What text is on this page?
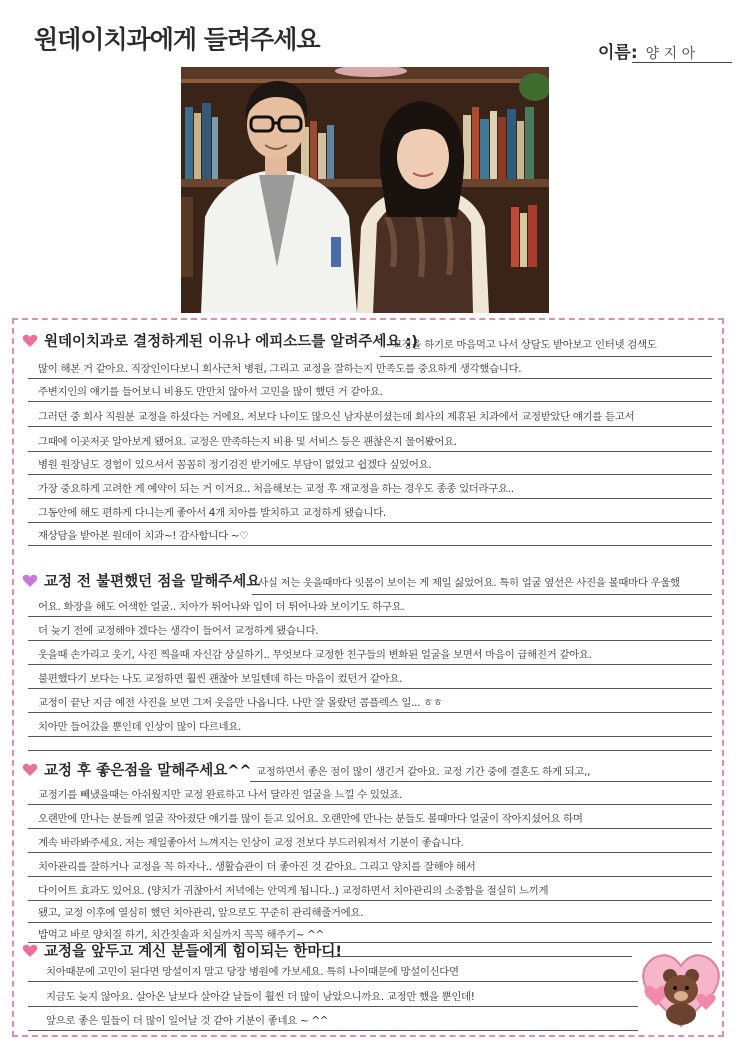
원데이치과에게 들려주세요	이름: 양 지 아
원데이치과로 결정하게된 이유나 에피소드를 알려주세요 :)
교정을 하기로 마음먹고 나서 상담도 받아보고 인터넷 검색도
많이 해본 거 같아요. 직장인이다보니 회사근처 병원, 그리고 교정을 잘하는지 만족도를 중요하게 생각했습니다.
주변지인의 얘기를 들어보니 비용도 만만치 않아서 고민을 많이 했던 거 같아요.
그러던 중 회사 직원분 교정을 하셨다는 거에요. 저보다 나이도 많으신 남자분이셨는데 회사의 제휴된 치과에서 교정받았단 얘기를 듣고서
그때에 이곳저곳 알아보게 됐어요. 교정은 만족하는지 비용 및 서비스 등은 괜찮은지 물어봤어요.
병원 원장님도 경험이 있으셔서 꼼꼼히 정기검진 받기에도 부담이 없었고 쉽겠다 싶었어요.
가장 중요하게 고려한 게 예약이 되는 거 이거요.. 처음해보는 교정 후 재교정을 하는 경우도 종종 있더라구요..
그동안에 해도 편하게 다니는게 좋아서 4개 치아를 발치하고 교정하게 됐습니다.
재상담을 받아본 원데이 치과~! 감사합니다 ~♡
교정 전 불편했던 점을 말해주세요
사실 저는 웃을때마다 잇몸이 보이는 게 제일 싫었어요. 특히 얼굴 옆선은 사진을 볼때마다 우울했
어요. 화장을 해도 어색한 얼굴.. 치아가 튀어나와 입이 더 튀어나와 보이기도 하구요.
더 늦기 전에 교정해야 겠다는 생각이 들어서 교정하게 됐습니다.
웃을때 손가리고 웃기, 사진 찍을때 자신감 상실하기.. 무엇보다 교정한 친구들의 변화된 얼굴을 보면서 마음이 급해진거 같아요.
불편했다기 보다는 나도 교정하면 훨씬 괜찮아 보일텐데 하는 마음이 컸던거 같아요.
교정이 끝난 지금 예전 사진을 보면 그저 웃음만 나옵니다. 나만 잘 몰랐던 콤플렉스 일... ㅎㅎ
치아만 들어갔을 뿐인데 인상이 많이 다르네요.
교정 후 좋은점을 말해주세요^^ 교정하면서 좋은 점이 많이 생긴거 같아요. 교정 기간 중에 결혼도 하게 되고,,
교정기를 빼냈을때는 아쉬웠지만 교정 완료하고 나서 달라진 얼굴을 느낄 수 있었죠.
오랜만에 만나는 분들께 얼굴 작아졌단 얘기를 많이 듣고 있어요. 오랜만에 만나는 분들도 볼때마다 얼굴이 작아지셨어요 하며
계속 바라봐주세요. 저는 제일좋아서 느껴지는 인상이 교정 전보다 부드러워져서 기분이 좋습니다.
치아관리를 잘하거나 교정을 꼭 하자나.. 생활습관이 더 좋아진 것 같아요. 그리고 양치를 잘해야 해서
다이어트 효과도 있어요. (양치가 귀찮아서 저녁에는 안먹게 됩니다..) 교정하면서 치아관리의 소중함을 절실히 느끼게
됐고, 교정 이후에 열심히 했던 치아관리, 앞으로도 꾸준히 관리해줄거에요.
밥먹고 바로 양치질 하기, 치간칫솔과 치실까지 꼭꼭 해주기~ ^^
교정을 앞두고 계신 분들에게 힘이되는 한마디!
치아때문에 고민이 된다면 망설이지 말고 당장 병원에 가보세요. 특히 나이때문에 망설이신다면
지금도 늦지 않아요. 살아온 날보다 살아갈 날들이 훨씬 더 많이 남았으니까요. 교정만 했을 뿐인데!
앞으로 좋은 일들이 더 많이 일어날 것 같아 기분이 좋네요 ~ ^^
